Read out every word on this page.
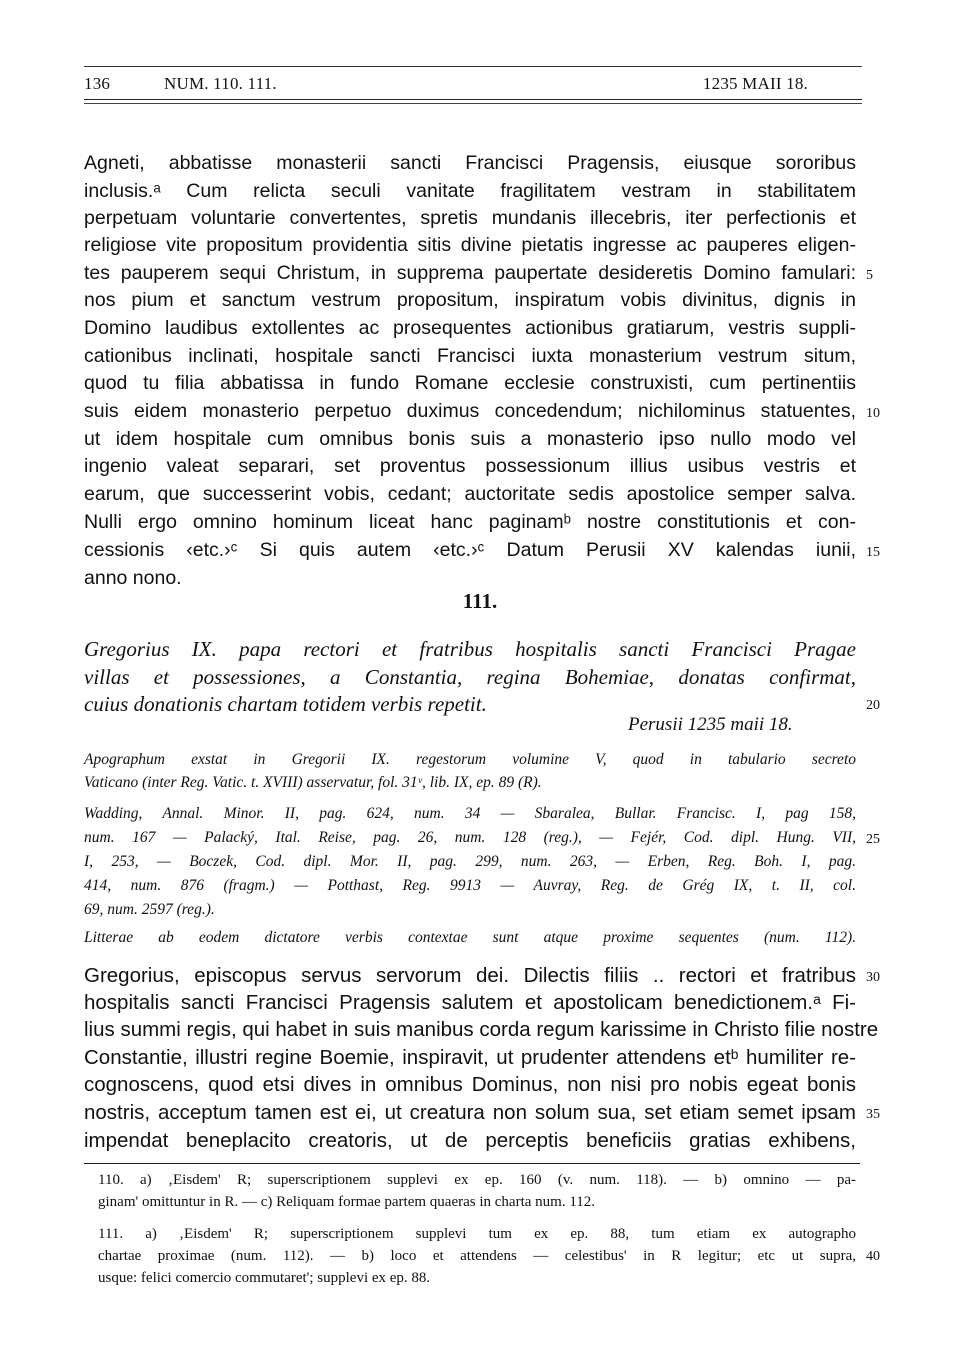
136	NUM. 110. 111.	1235 MAII 18.
Agneti, abbatisse monasterii sancti Francisci Pragensis, eiusque sororibus
inclusis.ᵃ Cum relicta seculi vanitate fragilitatem vestram in stabilitatem
perpetuam voluntarie convertentes, spretis mundanis illecebris, iter perfectionis et
religiose vite propositum providentia sitis divine pietatis ingresse ac pauperes eligen-
tes pauperem sequi Christum, in supprema paupertate desideretis Domino famulari:
nos pium et sanctum vestrum propositum, inspiratum vobis divinitus, dignis in
Domino laudibus extollentes ac prosequentes actionibus gratiarum, vestris suppli-
cationibus inclinati, hospitale sancti Francisci iuxta monasterium vestrum situm,
quod tu filia abbatissa in fundo Romane ecclesie construxisti, cum pertinentiis
suis eidem monasterio perpetuo duximus concedendum; nichilominus statuentes,
ut idem hospitale cum omnibus bonis suis a monasterio ipso nullo modo vel
ingenio valeat separari, set proventus possessionum illius usibus vestris et
earum, que successerint vobis, cedant; auctoritate sedis apostolice semper salva.
Nulli ergo omnino hominum liceat hanc paginamᵇ nostre constitutionis et con-
cessionis ‹etc.›ᶜ Si quis autem ‹etc.›ᶜ Datum Perusii XV kalendas iunii,
anno nono.
111.
Gregorius IX. papa rectori et fratribus hospitalis sancti Francisci Pragae
villas et possessiones, a Constantia, regina Bohemiae, donatas confirmat,
cuius donationis chartam totidem verbis repetit.
Perusii 1235 maii 18.
Apographum exstat in Gregorii IX. regestorum volumine V, quod in tabulario secreto
Vaticano (inter Reg. Vatic. t. XVIII) asservatur, fol. 31ᵛ, lib. IX, ep. 89 (R).
Wadding, Annal. Minor. II, pag. 624, num. 34 — Sbaralea, Bullar. Francisc. I, pag 158,
num. 167 — Palacký, Ital. Reise, pag. 26, num. 128 (reg.), — Fejér, Cod. dipl. Hung. VII,
I, 253, — Boczek, Cod. dipl. Mor. II, pag. 299, num. 263, — Erben, Reg. Boh. I, pag.
414, num. 876 (fragm.) — Potthast, Reg. 9913 — Auvray, Reg. de Grég IX, t. II, col.
69, num. 2597 (reg.).
Litterae ab eodem dictatore verbis contextae sunt atque proxime sequentes (num. 112).
Gregorius, episcopus servus servorum dei. Dilectis filiis .. rectori et fratribus
hospitalis sancti Francisci Pragensis salutem et apostolicam benedictionem.ᵃ Fi-
lius summi regis, qui habet in suis manibus corda regum karissime in Christo filie nostre
Constantie, illustri regine Boemie, inspiravit, ut prudenter attendens etᵇ humiliter re-
cognoscens, quod etsi dives in omnibus Dominus, non nisi pro nobis egeat bonis
nostris, acceptum tamen est ei, ut creatura non solum sua, set etiam semet ipsam
impendat beneplacito creatoris, ut de perceptis beneficiis gratias exhibens,
5
10
15
20
25
30
35
40
110. a) ‚Eisdem' R; superscriptionem supplevi ex ep. 160 (v. num. 118). — b) omnino — pa-
ginam' omittuntur in R. — c) Reliquam formae partem quaeras in charta num. 112.
111. a) ‚Eisdem' R; superscriptionem supplevi tum ex ep. 88, tum etiam ex autographo
chartae proximae (num. 112). — b) loco et attendens — celestibus' in R legitur; etc ut supra,
usque: felici comercio commutaret'; supplevi ex ep. 88.
